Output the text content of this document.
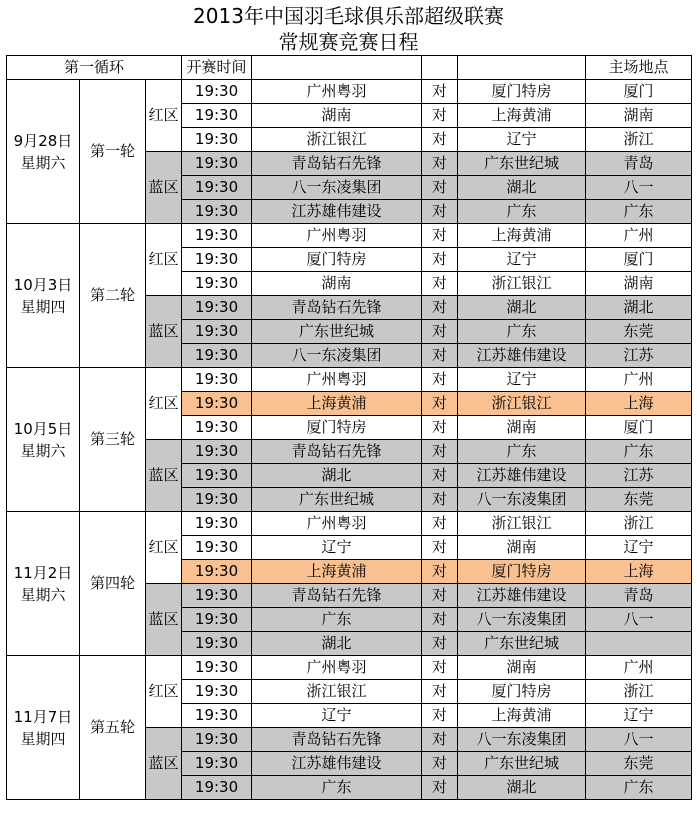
2013年中国羽毛球俱乐部超级联赛
常规赛竞赛日程
第一循环			开赛时间				主场地点

9月28日
星期六	第一轮	红区	19:30	广州粤羽	对	厦门特房	厦门
			19:30	湖南	对	上海黄浦	湖南
			19:30	浙江银江	对	辽宁	浙江
		蓝区	19:30	青岛钻石先锋	对	广东世纪城	青岛
			19:30	八一东凌集团	对	湖北	八一
			19:30	江苏雄伟建设	对	广东	广东

10月3日
星期四	第二轮	红区	19:30	广州粤羽	对	上海黄浦	广州
			19:30	厦门特房	对	辽宁	厦门
			19:30	湖南	对	浙江银江	湖南
		蓝区	19:30	青岛钻石先锋	对	湖北	湖北
			19:30	广东世纪城	对	广东	东莞
			19:30	八一东凌集团	对	江苏雄伟建设	江苏

10月5日
星期六	第三轮	红区	19:30	广州粤羽	对	辽宁	广州
			19:30	上海黄浦	对	浙江银江	上海
			19:30	厦门特房	对	湖南	厦门
		蓝区	19:30	青岛钻石先锋	对	广东	广东
			19:30	湖北	对	江苏雄伟建设	江苏
			19:30	广东世纪城	对	八一东凌集团	东莞

11月2日
星期六	第四轮	红区	19:30	广州粤羽	对	浙江银江	浙江
			19:30	辽宁	对	湖南	辽宁
			19:30	上海黄浦	对	厦门特房	上海
		蓝区	19:30	青岛钻石先锋	对	江苏雄伟建设	青岛
			19:30	广东	对	八一东凌集团	八一
			19:30	湖北	对	广东世纪城	

11月7日
星期四	第五轮	红区	19:30	广州粤羽	对	湖南	广州
			19:30	浙江银江	对	厦门特房	浙江
			19:30	辽宁	对	上海黄浦	辽宁
		蓝区	19:30	青岛钻石先锋	对	八一东凌集团	八一
			19:30	江苏雄伟建设	对	广东世纪城	东莞
			19:30	广东	对	湖北	广东
